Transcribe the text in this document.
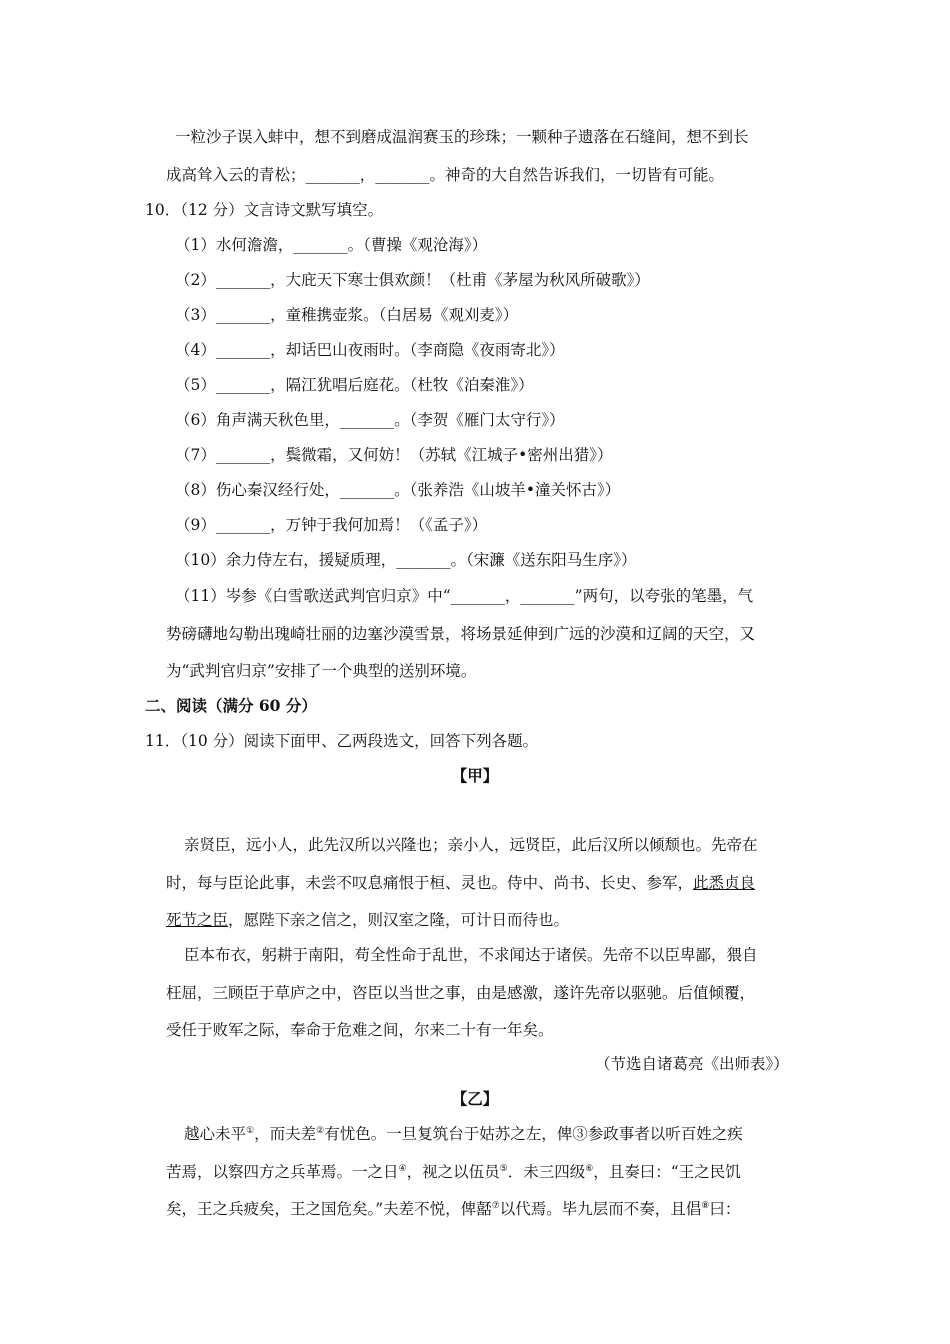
一粒沙子误入蚌中，想不到磨成温润赛玉的珍珠；一颗种子遗落在石缝间，想不到长
成高耸入云的青松；_______，_______。神奇的大自然告诉我们，一切皆有可能。
10．（12 分）文言诗文默写填空。
（1）水何澹澹，_______。（曹操《观沧海》）
（2）_______，大庇天下寒士俱欢颜！（杜甫《茅屋为秋风所破歌》）
（3）_______，童稚携壶浆。（白居易《观刈麦》）
（4）_______，却话巴山夜雨时。（李商隐《夜雨寄北》）
（5）_______，隔江犹唱后庭花。（杜牧《泊秦淮》）
（6）角声满天秋色里，_______。（李贺《雁门太守行》）
（7）_______，鬓微霜，又何妨！（苏轼《江城子•密州出猎》）
（8）伤心秦汉经行处，_______。（张养浩《山坡羊•潼关怀古》）
（9）_______，万钟于我何加焉！（《孟子》）
（10）余力侍左右，援疑质理，_______。（宋濂《送东阳马生序》）
（11）岑参《白雪歌送武判官归京》中“_______，_______”两句，以夸张的笔墨，气
势磅礴地勾勒出瑰崎壮丽的边塞沙漠雪景，将场景延伸到广远的沙漠和辽阔的天空，又
为“武判官归京”安排了一个典型的送别环境。
二、阅读（满分 60 分）
11．（10 分）阅读下面甲、乙两段选文，回答下列各题。
【甲】
亲贤臣，远小人，此先汉所以兴隆也；亲小人，远贤臣，此后汉所以倾颓也。先帝在
时，每与臣论此事，未尝不叹息痛恨于桓、灵也。侍中、尚书、长史、参军，此悉贞良
死节之臣，愿陛下亲之信之，则汉室之隆，可计日而待也。
臣本布衣，躬耕于南阳，苟全性命于乱世，不求闻达于诸侯。先帝不以臣卑鄙，猥自
枉屈，三顾臣于草庐之中，咨臣以当世之事，由是感激，遂许先帝以驱驰。后值倾覆，
受任于败军之际，奉命于危难之间，尔来二十有一年矣。
（节选自诸葛亮《出师表》）
【乙】
越心未平①，而夫差②有忧色。一旦复筑台于姑苏之左，俾③参政事者以听百姓之疾
苦焉，以察四方之兵革焉。一之日④，视之以伍员⑤．未三四级⑥，且奏曰：“王之民饥
矣，王之兵疲矣，王之国危矣。”夫差不悦，俾嚭⑦以代焉。毕九层而不奏，且倡⑧曰：
